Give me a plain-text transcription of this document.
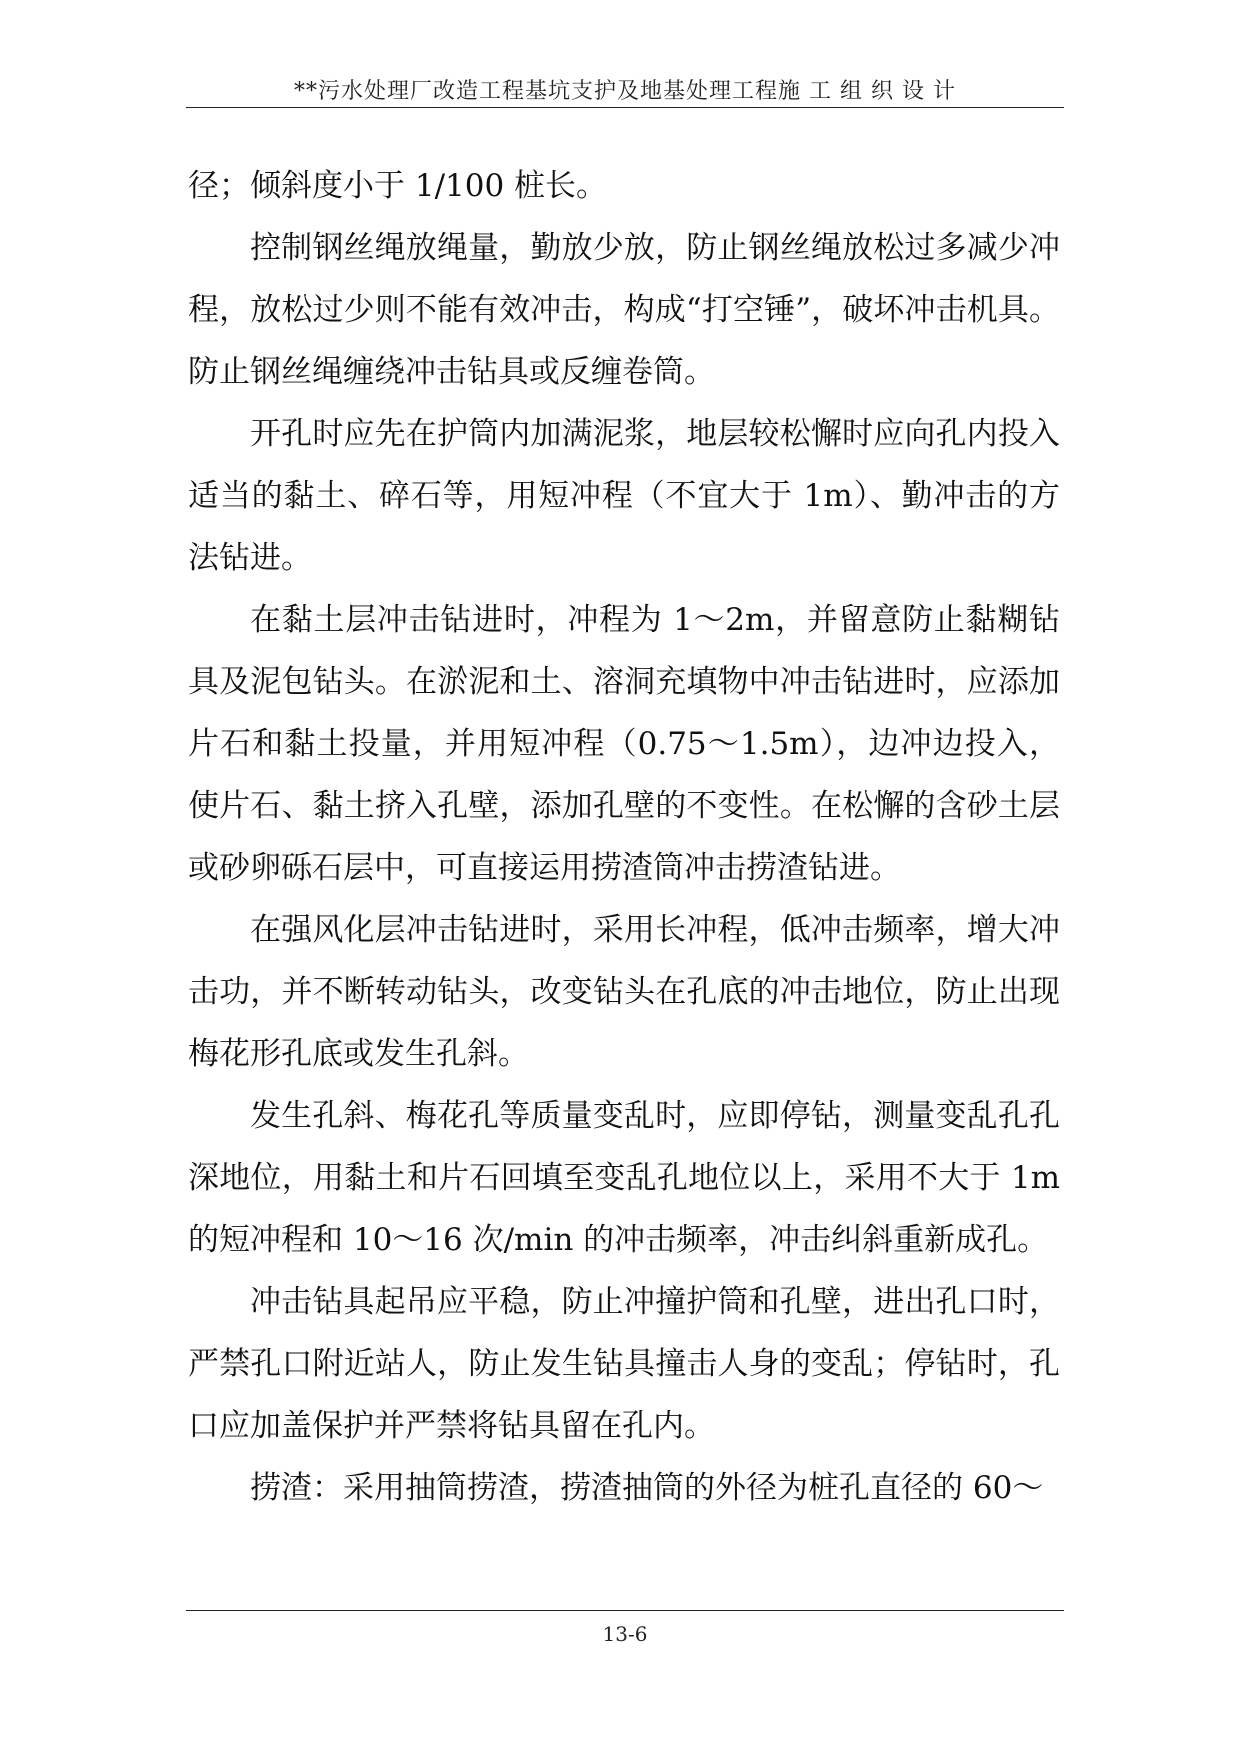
**污水处理厂改造工程基坑支护及地基处理工程施 工 组 织 设 计

径；倾斜度小于 1/100 桩长。

控制钢丝绳放绳量，勤放少放，防止钢丝绳放松过多减少冲程，放松过少则不能有效冲击，构成“打空锤”，破坏冲击机具。防止钢丝绳缠绕冲击钻具或反缠卷筒。

开孔时应先在护筒内加满泥浆，地层较松懈时应向孔内投入适当的黏土、碎石等，用短冲程（不宜大于 1m）、勤冲击的方法钻进。

在黏土层冲击钻进时，冲程为 1～2m，并留意防止黏糊钻具及泥包钻头。在淤泥和土、溶洞充填物中冲击钻进时，应添加片石和黏土投量，并用短冲程（0.75～1.5m），边冲边投入，使片石、黏土挤入孔壁，添加孔壁的不变性。在松懈的含砂土层或砂卵砾石层中，可直接运用捞渣筒冲击捞渣钻进。

在强风化层冲击钻进时，采用长冲程，低冲击频率，增大冲击功，并不断转动钻头，改变钻头在孔底的冲击地位，防止出现梅花形孔底或发生孔斜。

发生孔斜、梅花孔等质量变乱时，应即停钻，测量变乱孔孔深地位，用黏土和片石回填至变乱孔地位以上，采用不大于 1m 的短冲程和 10～16 次/min 的冲击频率，冲击纠斜重新成孔。

冲击钻具起吊应平稳，防止冲撞护筒和孔壁，进出孔口时，严禁孔口附近站人，防止发生钻具撞击人身的变乱；停钻时，孔口应加盖保护并严禁将钻具留在孔内。

捞渣：采用抽筒捞渣，捞渣抽筒的外径为桩孔直径的 60～

13-6
